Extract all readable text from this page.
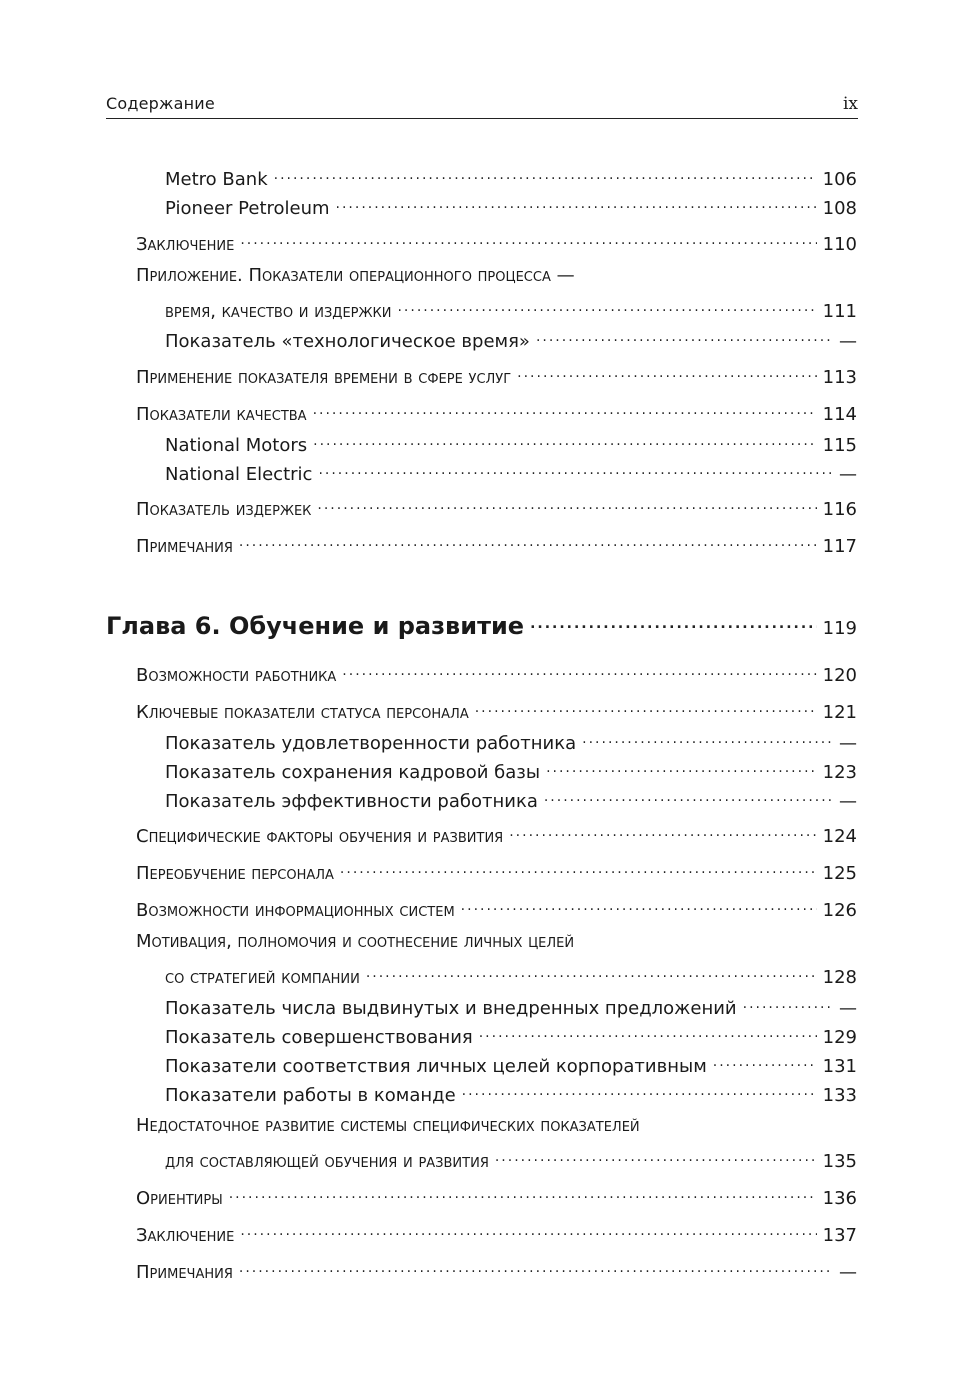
Содержание	ix
Metro Bank .....	106
Pioneer Petroleum .....	108
Заключение .....	110
Приложение. Показатели операционного процесса —
время, качество и издержки .....	111
Показатель «технологическое время» .....	—
Применение показателя времени в сфере услуг .....	113
Показатели качества .....	114
National Motors .....	115
National Electric .....	—
Показатель издержек .....	116
Примечания .....	117
Глава 6. Обучение и развитие .....	119
Возможности работника .....	120
Ключевые показатели статуса персонала .....	121
Показатель удовлетворенности работника .....	—
Показатель сохранения кадровой базы .....	123
Показатель эффективности работника .....	—
Специфические факторы обучения и развития .....	124
Переобучение персонала .....	125
Возможности информационных систем .....	126
Мотивация, полномочия и соотнесение личных целей
со стратегией компании .....	128
Показатель числа выдвинутых и внедренных предложений .....	—
Показатель совершенствования .....	129
Показатели соответствия личных целей корпоративным .....	131
Показатели работы в команде .....	133
Недостаточное развитие системы специфических показателей
для составляющей обучения и развития .....	135
Ориентиры .....	136
Заключение .....	137
Примечания .....	—
